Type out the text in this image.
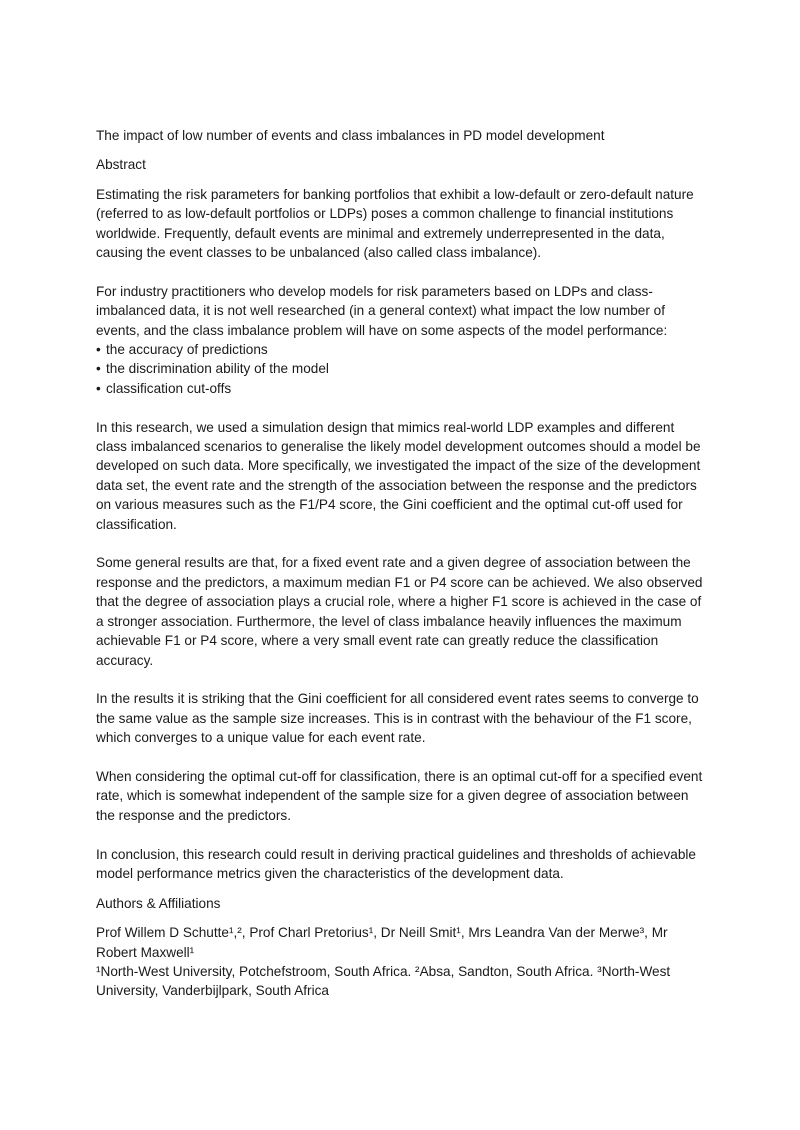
The impact of low number of events and class imbalances in PD model development

Abstract

Estimating the risk parameters for banking portfolios that exhibit a low-default or zero-default nature (referred to as low-default portfolios or LDPs) poses a common challenge to financial institutions worldwide. Frequently, default events are minimal and extremely underrepresented in the data, causing the event classes to be unbalanced (also called class imbalance).

For industry practitioners who develop models for risk parameters based on LDPs and class-imbalanced data, it is not well researched (in a general context) what impact the low number of events, and the class imbalance problem will have on some aspects of the model performance:

• the accuracy of predictions
• the discrimination ability of the model
• classification cut-offs

In this research, we used a simulation design that mimics real-world LDP examples and different class imbalanced scenarios to generalise the likely model development outcomes should a model be developed on such data. More specifically, we investigated the impact of the size of the development data set, the event rate and the strength of the association between the response and the predictors on various measures such as the F1/P4 score, the Gini coefficient and the optimal cut-off used for classification.

Some general results are that, for a fixed event rate and a given degree of association between the response and the predictors, a maximum median F1 or P4 score can be achieved. We also observed that the degree of association plays a crucial role, where a higher F1 score is achieved in the case of a stronger association. Furthermore, the level of class imbalance heavily influences the maximum achievable F1 or P4 score, where a very small event rate can greatly reduce the classification accuracy.

In the results it is striking that the Gini coefficient for all considered event rates seems to converge to the same value as the sample size increases. This is in contrast with the behaviour of the F1 score, which converges to a unique value for each event rate.

When considering the optimal cut-off for classification, there is an optimal cut-off for a specified event rate, which is somewhat independent of the sample size for a given degree of association between the response and the predictors.

In conclusion, this research could result in deriving practical guidelines and thresholds of achievable model performance metrics given the characteristics of the development data.

Authors & Affiliations

Prof Willem D Schutte¹,², Prof Charl Pretorius¹, Dr Neill Smit¹, Mrs Leandra Van der Merwe³, Mr

Robert Maxwell¹

¹North-West University, Potchefstroom, South Africa. ²Absa, Sandton, South Africa. ³North-West University, Vanderbijlpark, South Africa
